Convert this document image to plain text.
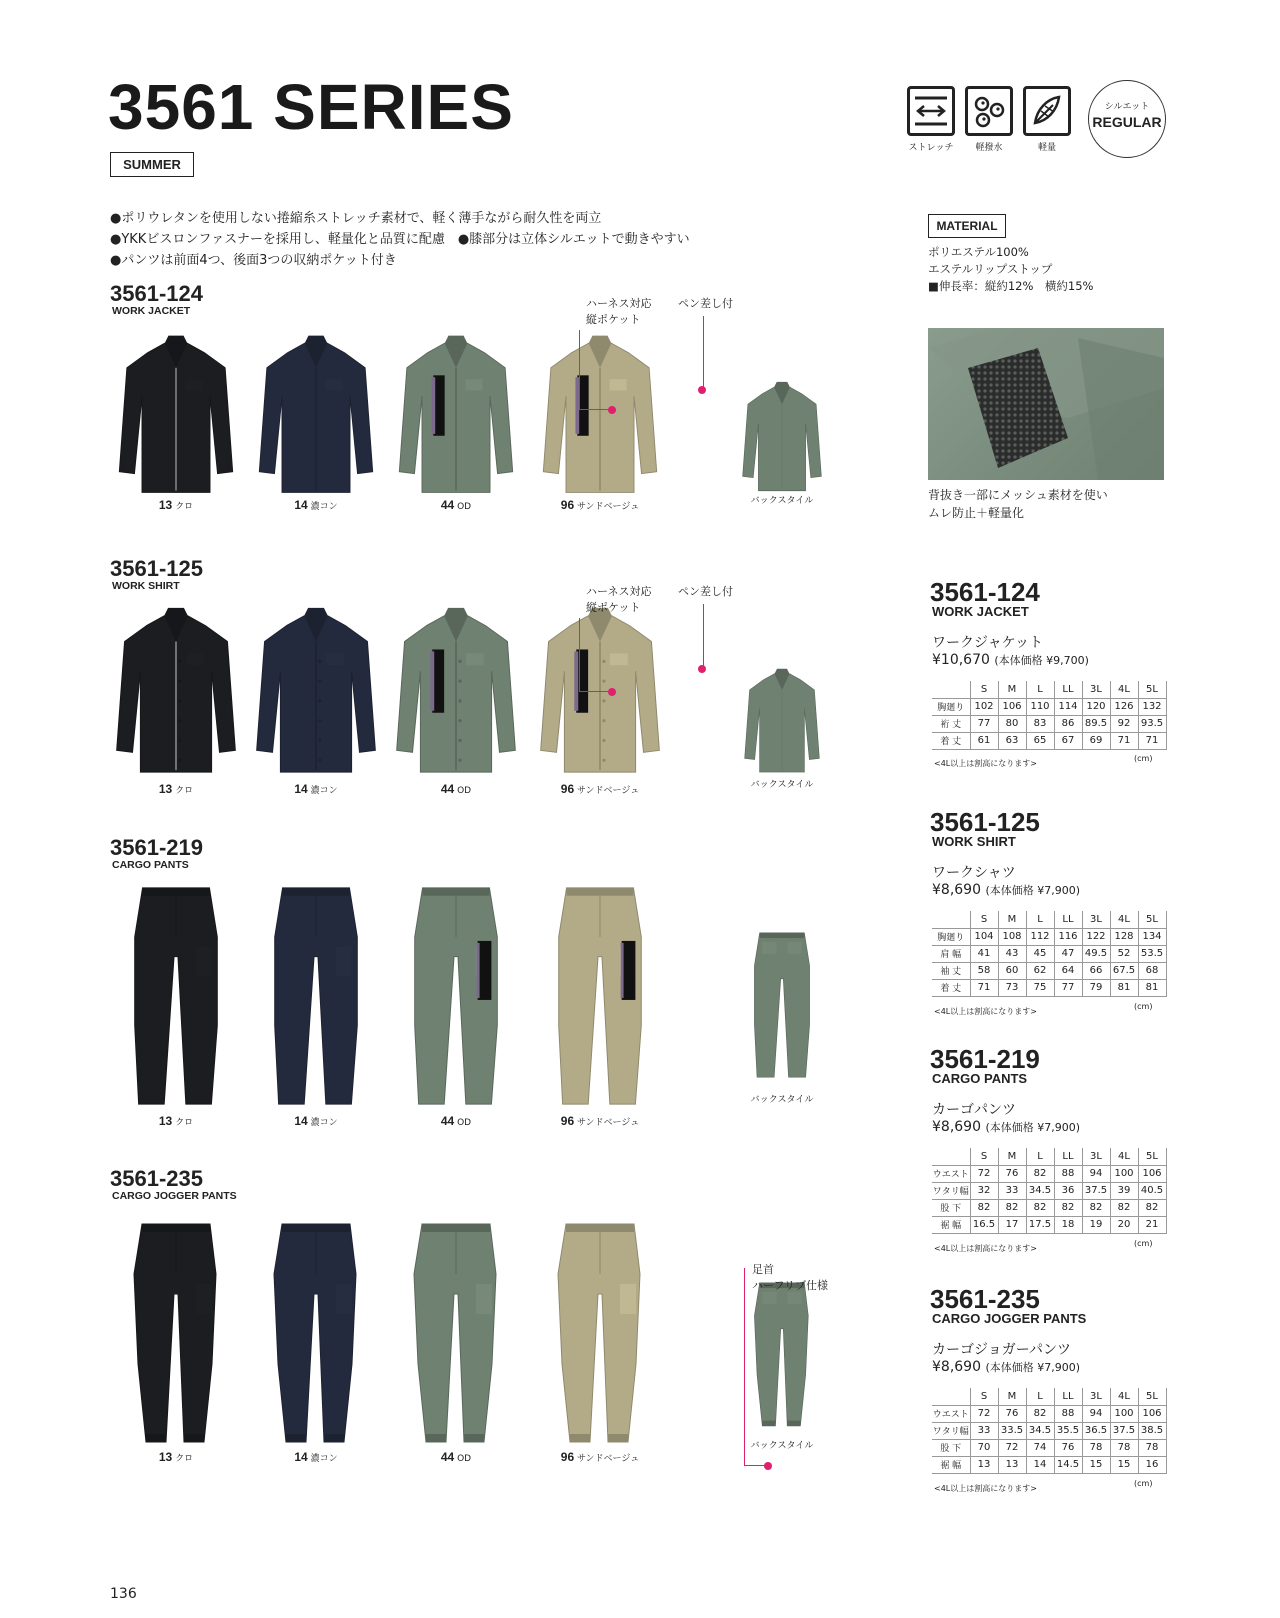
3561 SERIES
SUMMER
ストレッチ	軽撥水	軽量
シルエット
REGULAR
●ポリウレタンを使用しない捲縮糸ストレッチ素材で、軽く薄手ながら耐久性を両立
●YKKビスロンファスナーを採用し、軽量化と品質に配慮　●膝部分は立体シルエットで動きやすい
●パンツは前面4つ、後面3つの収納ポケット付き
MATERIAL
ポリエステル100%
エステルリップストップ
■伸長率：縦約12%　横約15%
背抜き一部にメッシュ素材を使い
ムレ防止＋軽量化
3561-124
WORK JACKET
3561-125
WORK SHIRT
3561-219
CARGO PANTS
3561-235
CARGO JOGGER PANTS
13 クロ	14 濃コン	44 OD	96 サンドベージュ
バックスタイル
13 クロ	14 濃コン	44 OD	96 サンドベージュ
バックスタイル
13 クロ	14 濃コン	44 OD	96 サンドベージュ
バックスタイル
13 クロ	14 濃コン	44 OD	96 サンドベージュ
バックスタイル
ハーネス対応
縦ポケット
ペン差し付
ハーネス対応
縦ポケット
ペン差し付
足首
ハーフリブ仕様
3561-124
WORK JACKET
ワークジャケット
¥10,670 (本体価格 ¥9,700)
	S	M	L	LL	3L	4L	5L
胸廻り	102	106	110	114	120	126	132
裄 丈	77	80	83	86	89.5	92	93.5
着 丈	61	63	65	67	69	71	71
<4L以上は割高になります>
(cm)
3561-125
WORK SHIRT
ワークシャツ
¥8,690 (本体価格 ¥7,900)
	S	M	L	LL	3L	4L	5L
胸廻り	104	108	112	116	122	128	134
肩 幅	41	43	45	47	49.5	52	53.5
袖 丈	58	60	62	64	66	67.5	68
着 丈	71	73	75	77	79	81	81
<4L以上は割高になります>
(cm)
3561-219
CARGO PANTS
カーゴパンツ
¥8,690 (本体価格 ¥7,900)
	S	M	L	LL	3L	4L	5L
ウエスト	72	76	82	88	94	100	106
ワタリ幅	32	33	34.5	36	37.5	39	40.5
股 下	82	82	82	82	82	82	82
裾 幅	16.5	17	17.5	18	19	20	21
<4L以上は割高になります>
(cm)
3561-235
CARGO JOGGER PANTS
カーゴジョガーパンツ
¥8,690 (本体価格 ¥7,900)
	S	M	L	LL	3L	4L	5L
ウエスト	72	76	82	88	94	100	106
ワタリ幅	33	33.5	34.5	35.5	36.5	37.5	38.5
股 下	70	72	74	76	78	78	78
裾 幅	13	13	14	14.5	15	15	16
<4L以上は割高になります>
(cm)
136
